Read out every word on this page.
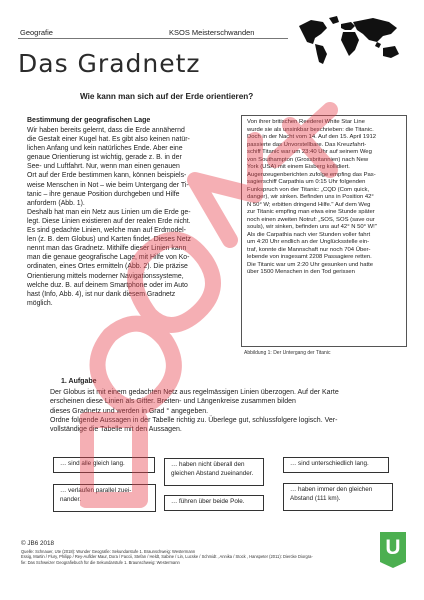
Geografie	KSOS Meisterschwanden
Das Gradnetz
Wie kann man sich auf der Erde orientieren?
Bestimmung der geografischen Lage

Wir haben bereits gelernt, dass die Erde annähernd

die Gestalt einer Kugel hat. Es gibt also keinen natür-

lichen Anfang und kein natürliches Ende. Aber eine

genaue Orientierung ist wichtig, gerade z. B. in der

See- und Luftfahrt. Nur, wenn man einen genauen

Ort auf der Erde bestimmen kann, können beispiels-

weise Menschen in Not – wie beim Untergang der Ti-

tanic – ihre genaue Position durchgeben und Hilfe

anfordern (Abb. 1).

Deshalb hat man ein Netz aus Linien um die Erde ge-

legt. Diese Linien existieren auf der realen Erde nicht.

Es sind gedachte Linien, welche man auf Erdmodel-

len (z. B. dem Globus) und Karten findet. Dieses Netz

nennt man das Gradnetz. Mithilfe dieser Linien kann

man die genaue geografische Lage, mit Hilfe von Ko-

ordinaten, eines Ortes ermitteln (Abb. 2). Die präzise

Orientierung mittels moderner Navigationssysteme,

welche duz. B. auf deinem Smartphone oder im Auto

hast (Info, Abb. 4), ist nur dank diesem Gradnetz

möglich.

Von ihrer britischen Reederei White Star Line

wurde sie als unsinkbar beschrieben: die Titanic.

Doch in der Nacht vom 14. Auf den 15. April 1912

passierte das Unvorstellbare. Das Kreuzfahrt-

schiff Titanic war um 23:40 Uhr auf seinem Weg

von Southampton (Grossbritannien) nach New

York (USA) mit einem Eisberg kollidiert.

Augenzeugenberichten zufolge empfing das Pas-

sagierschiff Carpathia um 0:15 Uhr folgenden

Funkspruch von der Titanic: „CQD (Com quick,

danger), wir sinken. Befinden uns in Position 42°

N 50° W; erbitten dringend Hilfe." Auf dem Weg

zur Titanic empfing man etwa eine Stunde später

noch einen zweiten Notruf: „SOS, SOS (save our

souls), wir sinken, befinden uns auf 42° N 50° W!"

Als die Carpathia nach vier Stunden voller fahrt

um 4:20 Uhr endlich an der Unglücksstelle ein-

traf, konnte die Mannschaft nur noch 704 Über-

lebende von insgesamt 2208 Passagiere retten.

Die Titanic war um 2:20 Uhr gesunken und hatte

über 1500 Menschen in den Tod gerissen

Abbildung 1: Der Untergang der Titanic
1. Aufgabe

Der Globus ist mit einem gedachten Netz aus regelmässigen Linien überzogen. Auf der Karte

erscheinen diese Linien als Gitter. Breiten- und Längenkreise zusammen bilden

dieses Gradnetz und werden in Grad ° angegeben.

Ordne folgende Aussagen in der Tabelle richtig zu. Überlege gut, schlussfolgere logisch. Ver-

vollständige die Tabelle mit den Aussagen.

… sind alle gleich lang.	… haben nicht überall den gleichen Abstand zueinander.
… sind unterschiedlich lang.
… verlaufen parallel zuei-nander.	… führen über beide Pole.
… haben immer den gleichen Abstand (111 km).
© JB6 2018

Quelle: Schnauer, Ute (2018): Wunder Geografie: Sekundarstufe 1. Braunschweig: Westermann

Essig, Martin / Flury, Philipp / Rey-Auflder Maur, Dora / Faccii, Stefan / Heldt, Sabine / Lin, Lucske / Schmidt , Annika / Stock , Hanspeter (2011): Diercke Diorgra-

fie: Das Schweizer Geografiebuch für die Sekundarstufe 1. Braunschweig: Westermann

U
